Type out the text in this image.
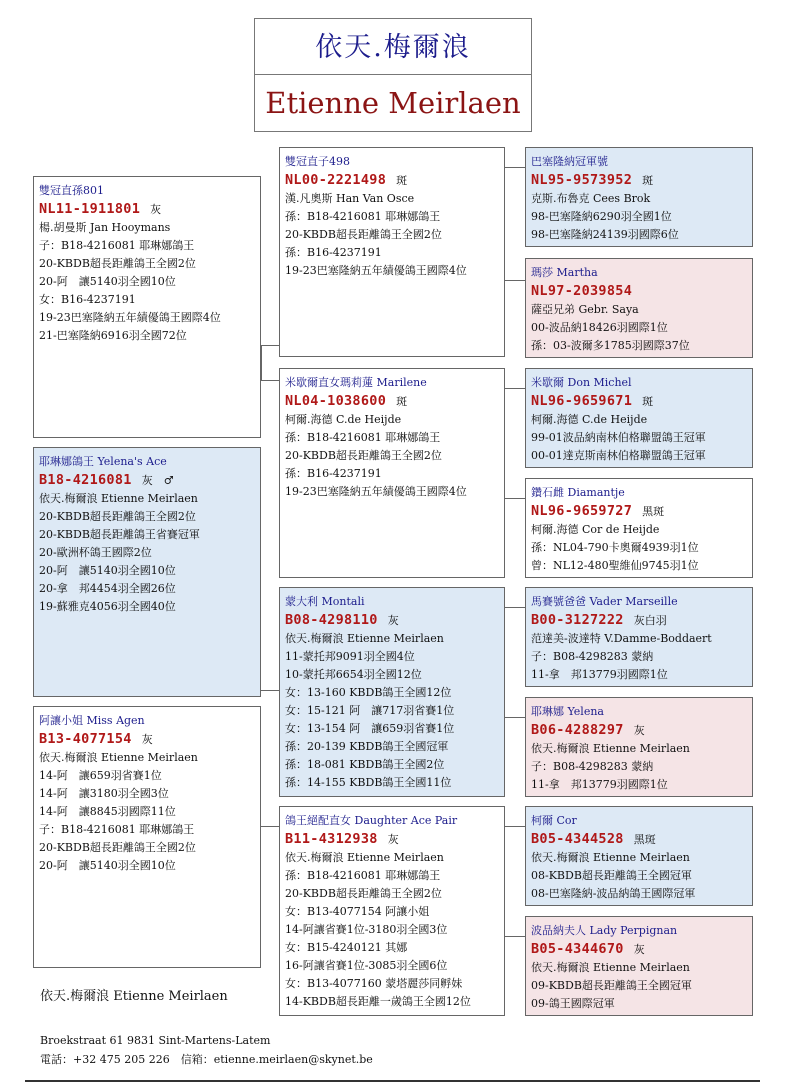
依天.梅爾浪
Etienne Meirlaen
雙冠直孫801
NL11-1911801 灰
楊.胡曼斯 Jan Hooymans
子：B18-4216081 耶琳娜鴿王
20-KBDB超長距離鴿王全國2位
20-阿　讓5140羽全國10位
女：B16-4237191
19-23巴塞隆納五年績優鴿王國際4位
21-巴塞隆納6916羽全國72位
耶琳娜鴿王 Yelena's Ace
B18-4216081 灰　♂
依天.梅爾浪 Etienne Meirlaen
20-KBDB超長距離鴿王全國2位
20-KBDB超長距離鴿王省賽冠軍
20-歐洲杯鴿王國際2位
20-阿　讓5140羽全國10位
20-拿　邦4454羽全國26位
19-蘇雅克4056羽全國40位
阿讓小姐 Miss Agen
B13-4077154 灰
依天.梅爾浪 Etienne Meirlaen
14-阿　讓659羽省賽1位
14-阿　讓3180羽全國3位
14-阿　讓8845羽國際11位
子：B18-4216081 耶琳娜鴿王
20-KBDB超長距離鴿王全國2位
20-阿　讓5140羽全國10位
雙冠直子498
NL00-2221498 斑
漢.凡奧斯 Han Van Osce
孫：B18-4216081 耶琳娜鴿王
20-KBDB超長距離鴿王全國2位
孫：B16-4237191
19-23巴塞隆納五年績優鴿王國際4位
米歇爾直女瑪莉蓮 Marilene
NL04-1038600 斑
柯爾.海德 C.de Heijde
孫：B18-4216081 耶琳娜鴿王
20-KBDB超長距離鴿王全國2位
孫：B16-4237191
19-23巴塞隆納五年績優鴿王國際4位
蒙大利 Montali
B08-4298110 灰
依天.梅爾浪 Etienne Meirlaen
11-蒙托邦9091羽全國4位
10-蒙托邦6654羽全國12位
女：13-160 KBDB鴿王全國12位
女：15-121 阿　讓717羽省賽1位
女：13-154 阿　讓659羽省賽1位
孫：20-139 KBDB鴿王全國冠軍
孫：18-081 KBDB鴿王全國2位
孫：14-155 KBDB鴿王全國11位
鴿王絕配直女 Daughter Ace Pair
B11-4312938 灰
依天.梅爾浪 Etienne Meirlaen
孫：B18-4216081 耶琳娜鴿王
20-KBDB超長距離鴿王全國2位
女：B13-4077154 阿讓小姐
14-阿讓省賽1位-3180羽全國3位
女：B15-4240121 其娜
16-阿讓省賽1位-3085羽全國6位
女：B13-4077160 蒙塔麗莎同孵妹
14-KBDB超長距離一歲鴿王全國12位
巴塞隆納冠軍號
NL95-9573952 斑
克斯.布魯克 Cees Brok
98-巴塞隆納6290羽全國1位
98-巴塞隆納24139羽國際6位
瑪莎 Martha
NL97-2039854
薩亞兄弟 Gebr. Saya
00-波品納18426羽國際1位
孫：03-波爾多1785羽國際37位
米歇爾 Don Michel
NL96-9659671 斑
柯爾.海德 C.de Heijde
99-01波品納南林伯格聯盟鴿王冠軍
00-01達克斯南林伯格聯盟鴿王冠軍
鑽石雌 Diamantje
NL96-9659727 黑斑
柯爾.海德 Cor de Heijde
孫：NL04-790卡奧爾4939羽1位
曾：NL12-480聖維仙9745羽1位
馬賽號爸爸 Vader Marseille
B00-3127222 灰白羽
范達美-波達特 V.Damme-Boddaert
子：B08-4298283 蒙納
11-拿　邦13779羽國際1位
耶琳娜 Yelena
B06-4288297 灰
依天.梅爾浪 Etienne Meirlaen
子：B08-4298283 蒙納
11-拿　邦13779羽國際1位
柯爾 Cor
B05-4344528 黑斑
依天.梅爾浪 Etienne Meirlaen
08-KBDB超長距離鴿王全國冠軍
08-巴塞隆納-波品納鴿王國際冠軍
波品納夫人 Lady Perpignan
B05-4344670 灰
依天.梅爾浪 Etienne Meirlaen
09-KBDB超長距離鴿王全國冠軍
09-鴿王國際冠軍
依天.梅爾浪 Etienne Meirlaen
Broekstraat 61 9831 Sint-Martens-Latem
電話：+32 475 205 226　信箱：etienne.meirlaen@skynet.be
